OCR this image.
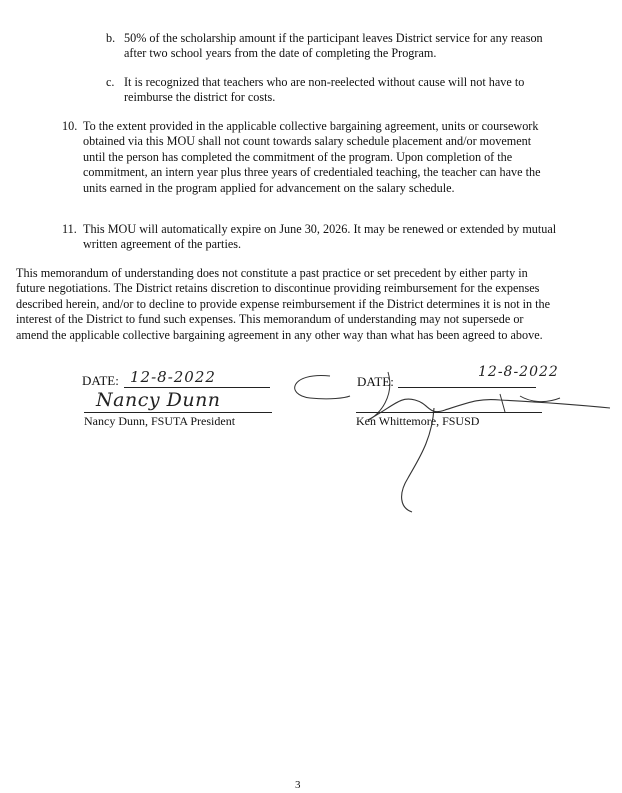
b. 50% of the scholarship amount if the participant leaves District service for any reason after two school years from the date of completing the Program.

c. It is recognized that teachers who are non-reelected without cause will not have to reimburse the district for costs.

10. To the extent provided in the applicable collective bargaining agreement, units or coursework obtained via this MOU shall not count towards salary schedule placement and/or movement until the person has completed the commitment of the program. Upon completion of the commitment, an intern year plus three years of credentialed teaching, the teacher can have the units earned in the program applied for advancement on the salary schedule.

11. This MOU will automatically expire on June 30, 2026. It may be renewed or extended by mutual written agreement of the parties.

This memorandum of understanding does not constitute a past practice or set precedent by either party in future negotiations. The District retains discretion to discontinue providing reimbursement for the expenses described herein, and/or to decline to provide expense reimbursement if the District determines it is not in the interest of the District to fund such expenses. This memorandum of understanding may not supersede or amend the applicable collective bargaining agreement in any other way than what has been agreed to above.

DATE: 12-8-2022
Nancy Dunn
Nancy Dunn, FSUTA President
DATE:
12-8-2022
Ken Whittemore, FSUSD
3
